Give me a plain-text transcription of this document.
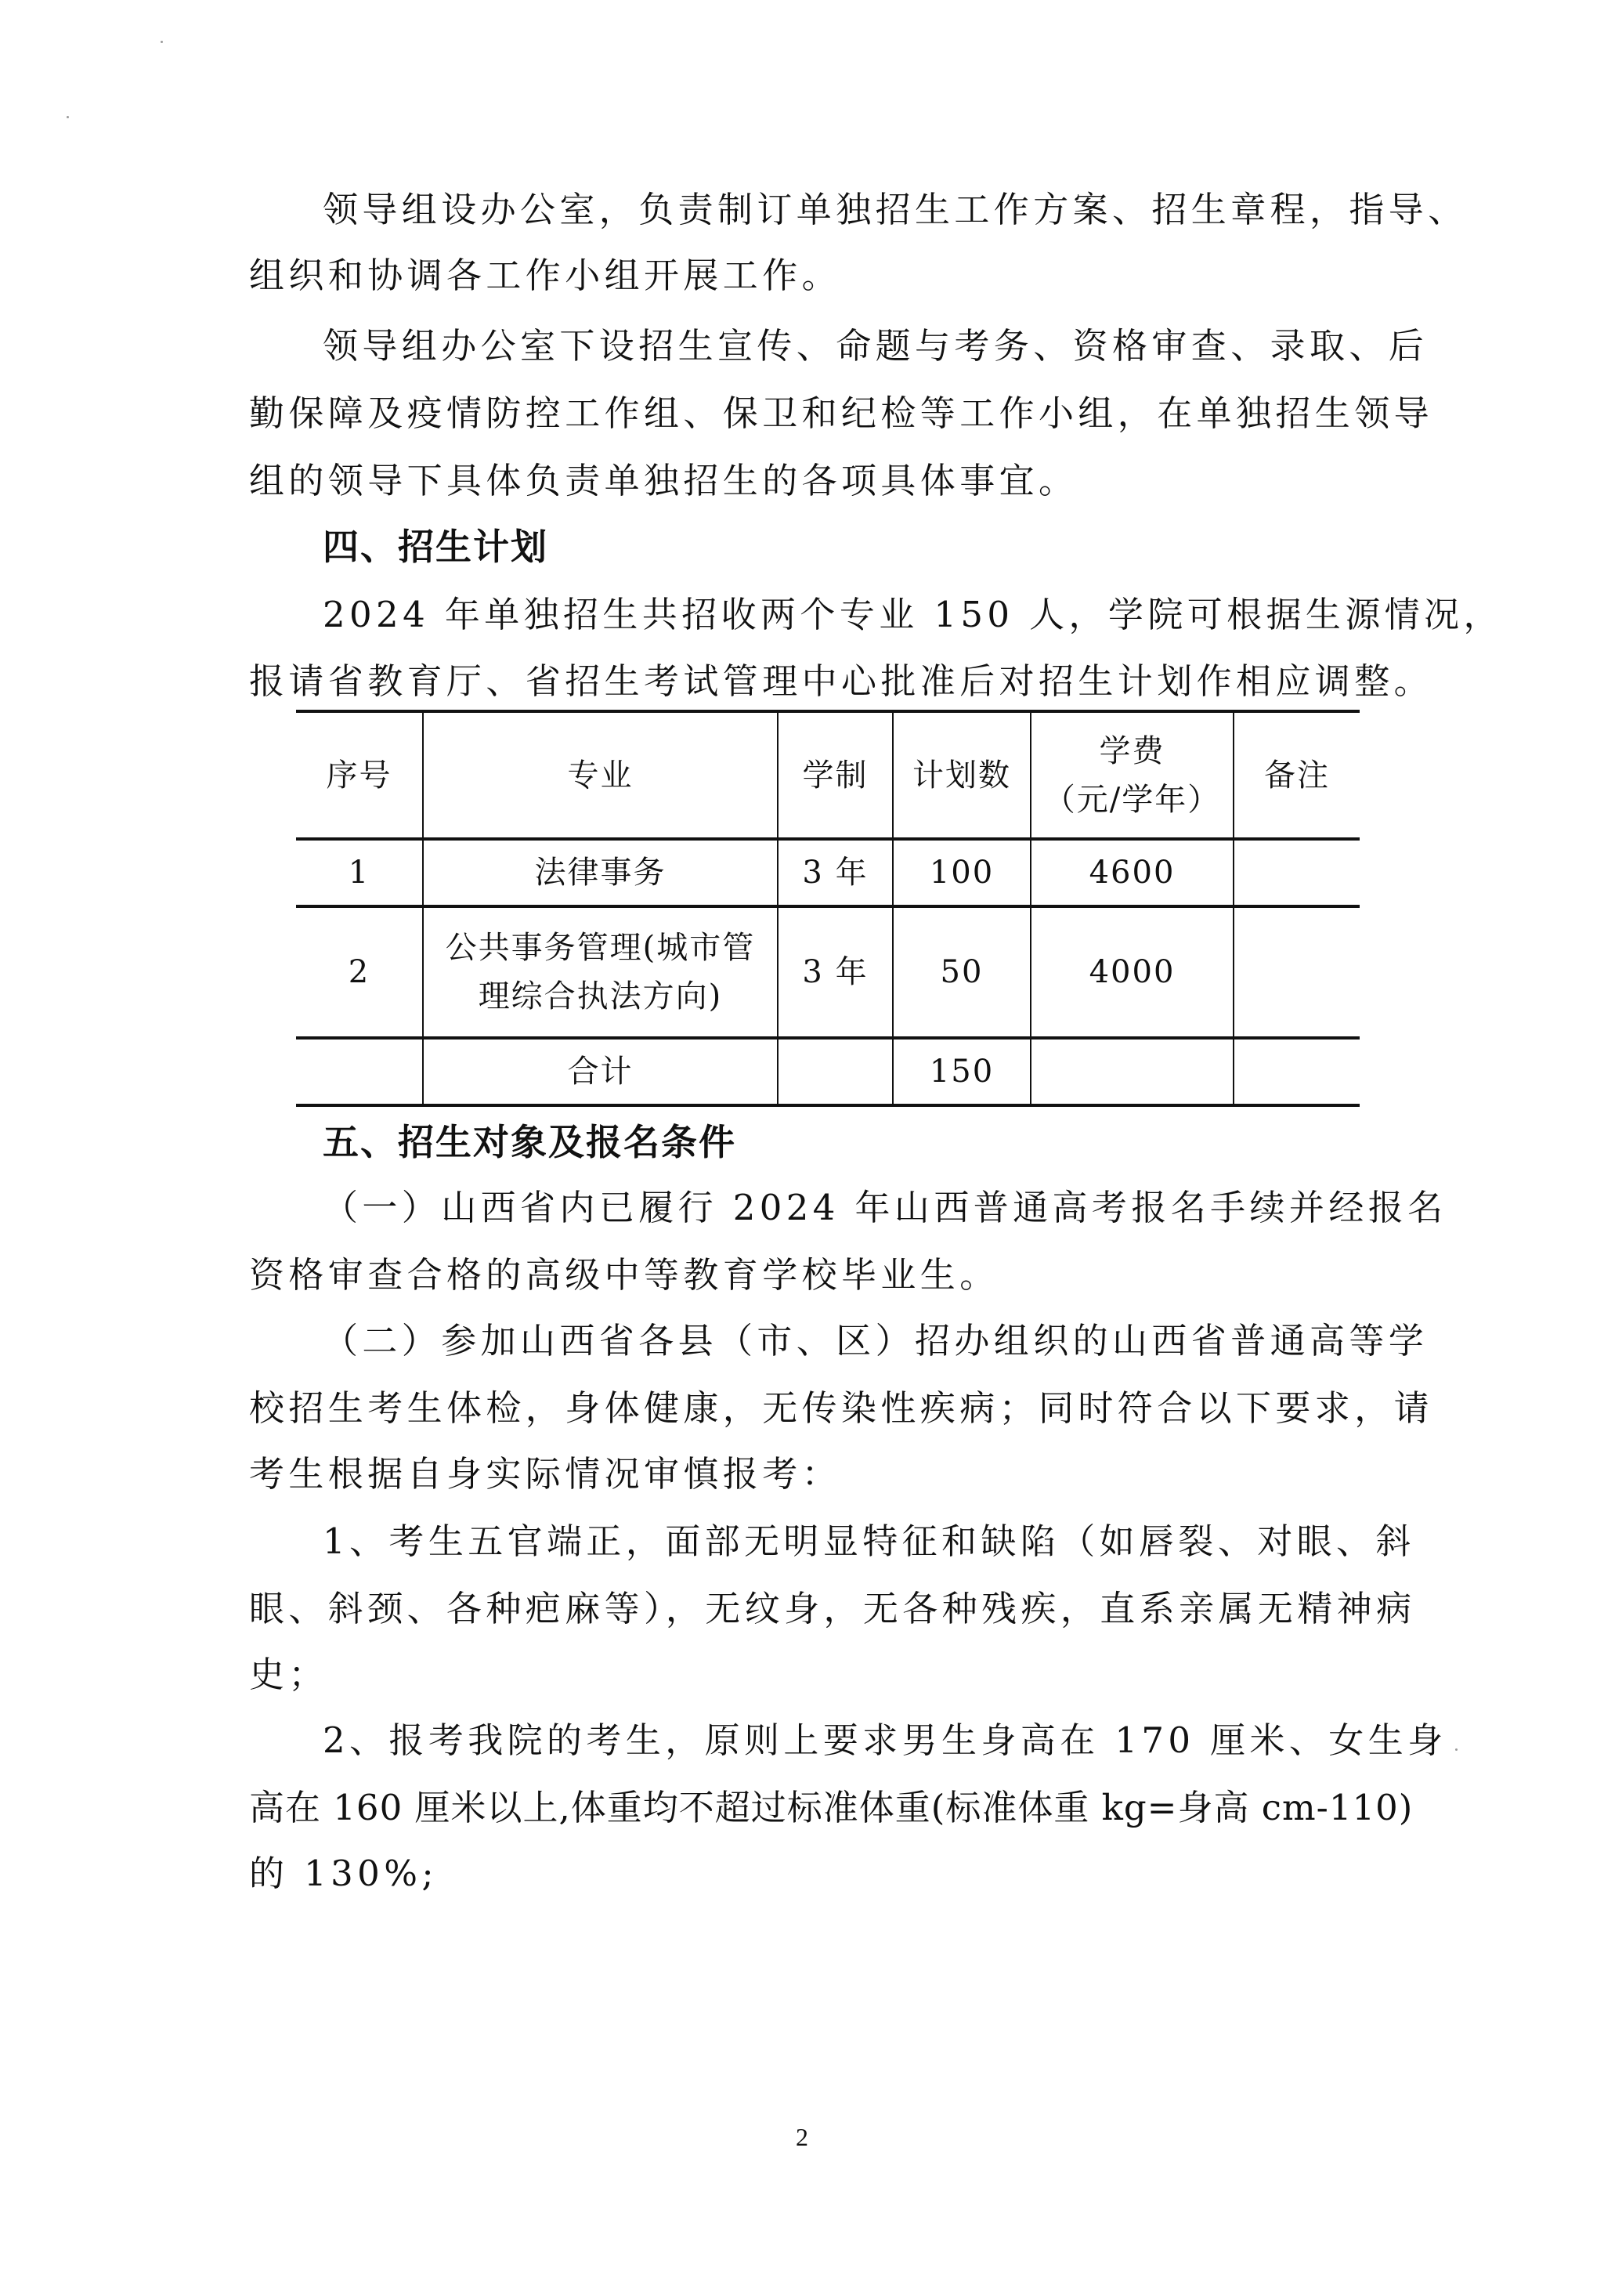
领导组设办公室，负责制订单独招生工作方案、招生章程，指导、
组织和协调各工作小组开展工作。
领导组办公室下设招生宣传、命题与考务、资格审查、录取、后
勤保障及疫情防控工作组、保卫和纪检等工作小组，在单独招生领导
组的领导下具体负责单独招生的各项具体事宜。
四、招生计划
2024 年单独招生共招收两个专业 150 人，学院可根据生源情况，
报请省教育厅、省招生考试管理中心批准后对招生计划作相应调整。
序号	专业	学制	计划数	学费
（元/学年）	备注
1	法律事务	3 年	100	4600	
2	公共事务管理(城市管
理综合执法方向)	3 年	50	4000	
	合计		150		
五、招生对象及报名条件
（一）山西省内已履行 2024 年山西普通高考报名手续并经报名
资格审查合格的高级中等教育学校毕业生。
（二）参加山西省各县（市、区）招办组织的山西省普通高等学
校招生考生体检，身体健康，无传染性疾病；同时符合以下要求，请
考生根据自身实际情况审慎报考：
1、考生五官端正，面部无明显特征和缺陷（如唇裂、对眼、斜
眼、斜颈、各种疤麻等），无纹身，无各种残疾，直系亲属无精神病
史；
2、报考我院的考生，原则上要求男生身高在 170 厘米、女生身
高在 160 厘米以上,体重均不超过标准体重(标准体重 kg=身高 cm-110)
的 130%;
2
